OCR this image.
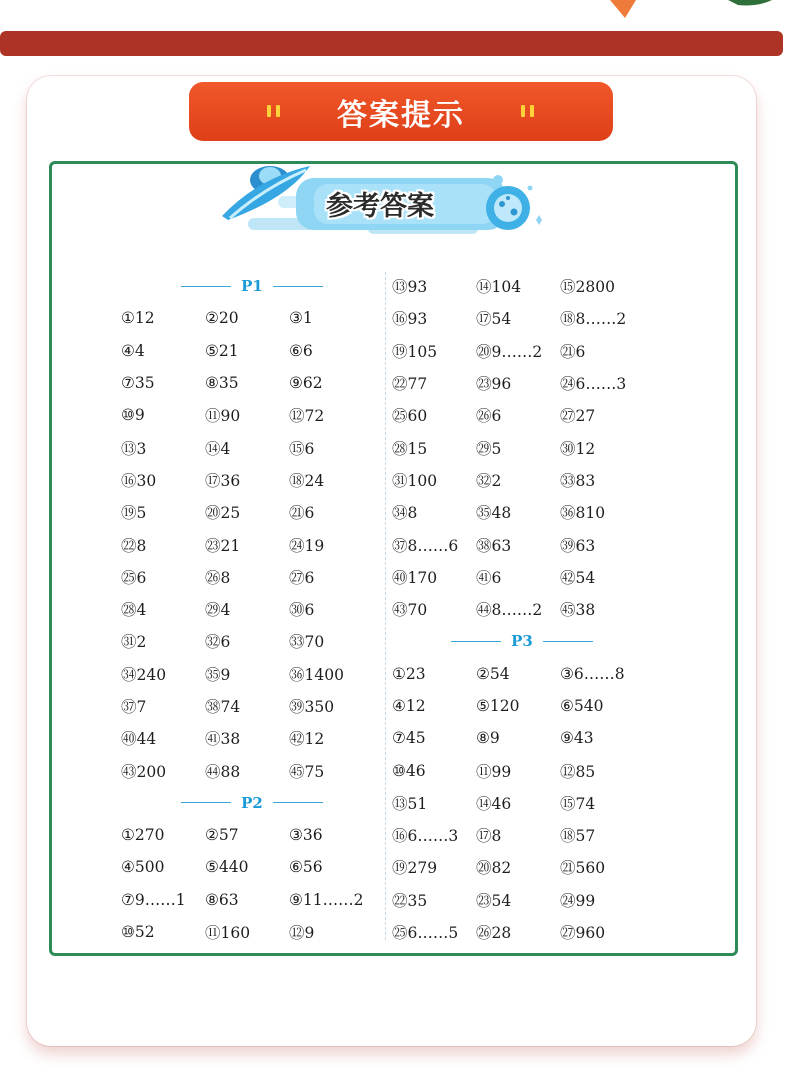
答案提示
参考答案
P1
①12	②20	③1
④4	⑤21	⑥6
⑦35	⑧35	⑨62
⑩9	⑪90	⑫72
⑬3	⑭4	⑮6
⑯30	⑰36	⑱24
⑲5	⑳25	㉑6
㉒8	㉓21	㉔19
㉕6	㉖8	㉗6
㉘4	㉙4	㉚6
㉛2	㉜6	㉝70
㉞240	㉟9	㊱1400
㊲7	㊳74	㊴350
㊵44	㊶38	㊷12
㊸200	㊹88	㊺75
P2
①270	②57	③36
④500	⑤440	⑥56
⑦9……1	⑧63	⑨11……2
⑩52	⑪160	⑫9
⑬93	⑭104	⑮2800
⑯93	⑰54	⑱8……2
⑲105	⑳9……2	㉑6
㉒77	㉓96	㉔6……3
㉕60	㉖6	㉗27
㉘15	㉙5	㉚12
㉛100	㉜2	㉝83
㉞8	㉟48	㊱810
㊲8……6	㊳63	㊴63
㊵170	㊶6	㊷54
㊸70	㊹8……2	㊺38
P3
①23	②54	③6……8
④12	⑤120	⑥540
⑦45	⑧9	⑨43
⑩46	⑪99	⑫85
⑬51	⑭46	⑮74
⑯6……3	⑰8	⑱57
⑲279	⑳82	㉑560
㉒35	㉓54	㉔99
㉕6……5	㉖28	㉗960
